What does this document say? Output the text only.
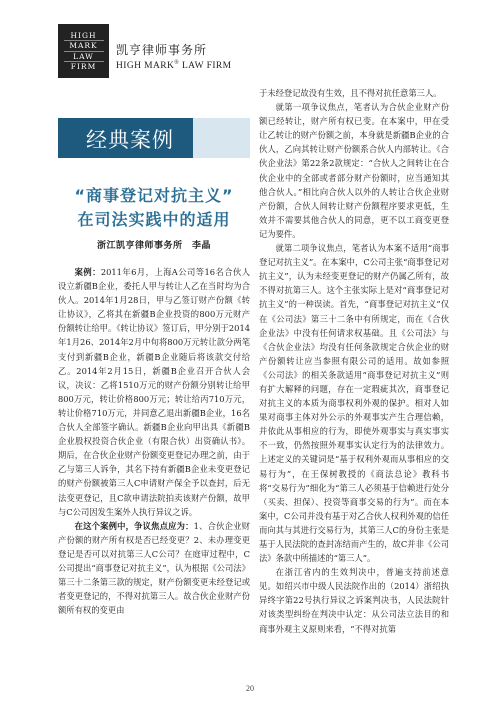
HIGH
MARK
LAW
FIRM
凯亨律师事务所
HIGH MARK® LAW FIRM
经典案例
“商事登记对抗主义”
在司法实践中的适用
浙江凯亨律师事务所　李晶

案例：2011年6月，上海A公司等16名合伙人设立新疆B企业，委托人甲与转让人乙在当时均为合伙人。2014年1月28日，甲与乙签订财产份额《转让协议》，乙将其在新疆B企业投资的800万元财产份额转让给甲。《转让协议》签订后，甲分别于2014年1月26、2014年2月中旬将800万元转让款分两笔支付到新疆B企业，新疆B企业随后将该款交付给乙。2014年2月15日，新疆B企业召开合伙人会议，决议：乙将1510万元的财产份额分别转让给甲800万元，转让价格800万元；转让给丙710万元，转让价格710万元，并同意乙退出新疆B企业，16名合伙人全部签字确认。新疆B企业向甲出具《新疆B企业股权投资合伙企业（有限合伙）出资确认书》。期后，在合伙企业财产份额变更登记办理之前，由于乙与第三人诉争，其名下持有新疆B企业未变更登记的财产份额被第三人C申请财产保全予以查封，后无法变更登记，且C欲申请法院拍卖该财产份额，故甲与C公司因发生案外人执行异议之诉。

在这个案例中，争议焦点应为：1、合伙企业财产份额的财产所有权是否已经变更？2、未办理变更登记是否可以对抗第三人C公司？在庭审过程中，C公司提出“商事登记对抗主义”，认为根据《公司法》第三十二条第三款的规定，财产份额变更未经登记或者变更登记的，不得对抗第三人。故合伙企业财产份额所有权的变更由

于未经登记故没有生效，且不得对抗任意第三人。

就第一项争议焦点，笔者认为合伙企业财产份额已经转让，财产所有权已变。在本案中，甲在受让乙转让的财产份额之前，本身就是新疆B企业的合伙人，乙向其转让财产份额系合伙人内部转让。《合伙企业法》第22条2款规定：“合伙人之间转让在合伙企业中的全部或者部分财产份额时，应当通知其他合伙人。”相比向合伙人以外的人转让合伙企业财产份额，合伙人间转让财产份额程序要求更低，生效并不需要其他合伙人的同意，更不以工商变更登记为要件。

就第二项争议焦点，笔者认为本案不适用“商事登记对抗主义”。在本案中，C公司主张“商事登记对抗主义”，认为未经变更登记的财产仍属乙所有，故不得对抗第三人。这个主张实际上是对“商事登记对抗主义”的一种误读。首先，“商事登记对抗主义”仅在《公司法》第三十二条中有所规定，而在《合伙企业法》中没有任何请求权基础。且《公司法》与《合伙企业法》均没有任何条款规定合伙企业的财产份额转让应当参照有限公司的适用。故如参照《公司法》的相关条款适用“商事登记对抗主义”则有扩大解释的问题，存在一定瑕疵其次，商事登记对抗主义的本质为商事权利外观的保护。相对人如果对商事主体对外公示的外观事实产生合理信赖，并依此从事相应的行为，即使外观事实与真实事实不一致，仍然按照外观事实认定行为的法律效力。上述定义的关键词是“基于权利外观而从事相应的交易行为”，在王保树教授的《商法总论》教科书将“交易行为”细化为“第三人必须基于信赖进行处分（买卖、担保）、投资等商事交易的行为”。而在本案中，C公司并没有基于对乙合伙人权利外观的信任而向其与其进行交易行为，其第三人C的身份主张是基于人民法院的查封冻结而产生的，故C并非《公司法》条款中所描述的“第三人”。

在浙江省内的生效判决中，普遍支持前述意见。如绍兴市中级人民法院作出的（2014）浙绍执异终字第22号执行异议之诉案判决书，人民法院针对该类型纠纷在判决中认定：从公司法立法目的和商事外观主义原则来看，“不得对抗第

20
